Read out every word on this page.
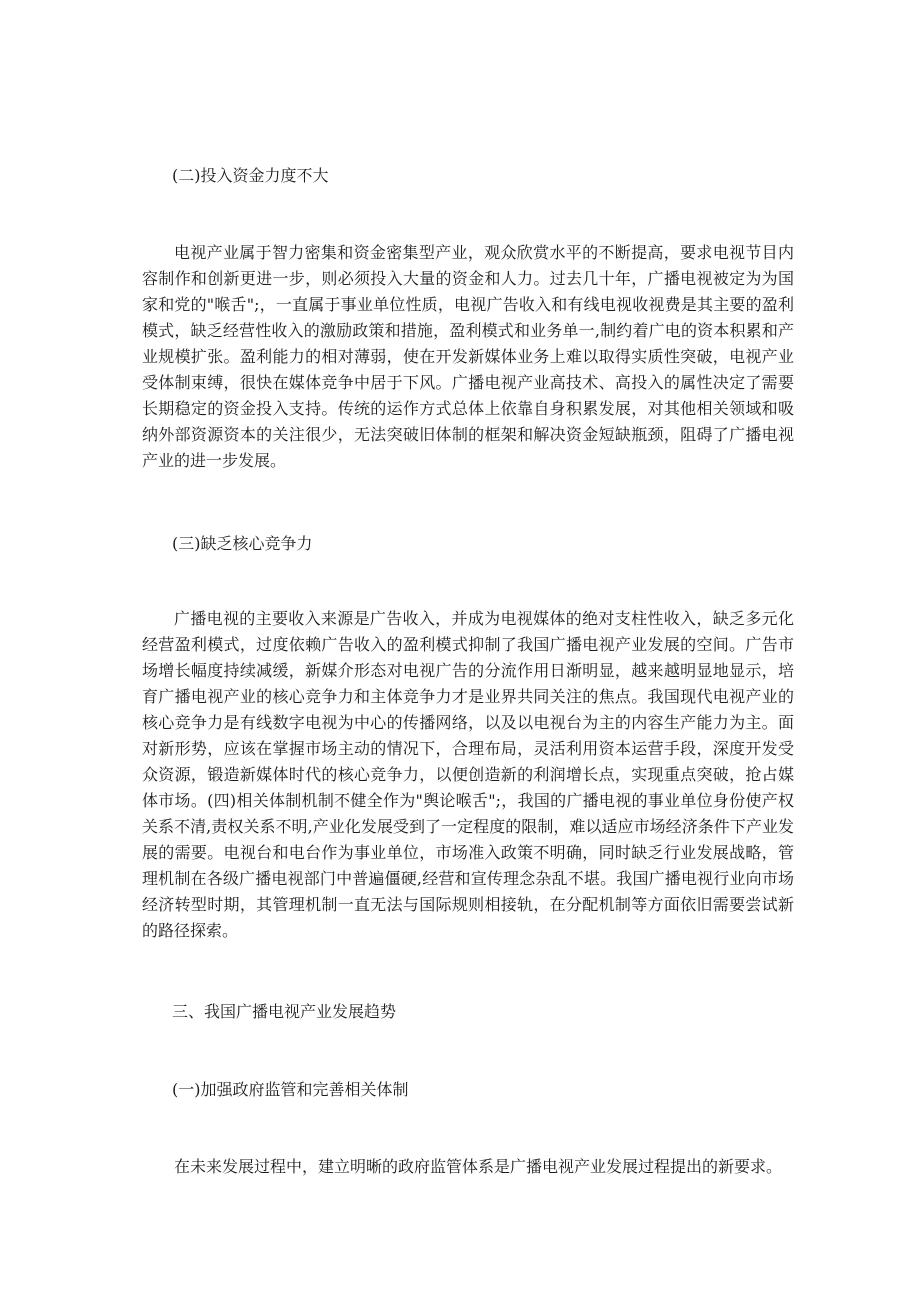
(二)投入资金力度不大

电视产业属于智力密集和资金密集型产业，观众欣赏水平的不断提高，要求电视节目内容制作和创新更进一步，则必须投入大量的资金和人力。过去几十年，广播电视被定为为国家和党的"喉舌";，一直属于事业单位性质，电视广告收入和有线电视收视费是其主要的盈利模式，缺乏经营性收入的激励政策和措施，盈利模式和业务单一,制约着广电的资本积累和产业规模扩张。盈利能力的相对薄弱，使在开发新媒体业务上难以取得实质性突破，电视产业受体制束缚，很快在媒体竞争中居于下风。广播电视产业高技术、高投入的属性决定了需要长期稳定的资金投入支持。传统的运作方式总体上依靠自身积累发展，对其他相关领域和吸纳外部资源资本的关注很少，无法突破旧体制的框架和解决资金短缺瓶颈，阻碍了广播电视产业的进一步发展。

(三)缺乏核心竞争力

广播电视的主要收入来源是广告收入，并成为电视媒体的绝对支柱性收入，缺乏多元化经营盈利模式，过度依赖广告收入的盈利模式抑制了我国广播电视产业发展的空间。广告市场增长幅度持续减缓，新媒介形态对电视广告的分流作用日渐明显，越来越明显地显示，培育广播电视产业的核心竞争力和主体竞争力才是业界共同关注的焦点。我国现代电视产业的核心竞争力是有线数字电视为中心的传播网络，以及以电视台为主的内容生产能力为主。面对新形势，应该在掌握市场主动的情况下，合理布局，灵活利用资本运营手段，深度开发受众资源，锻造新媒体时代的核心竞争力，以便创造新的利润增长点，实现重点突破，抢占媒体市场。(四)相关体制机制不健全作为"舆论喉舌";，我国的广播电视的事业单位身份使产权关系不清,责权关系不明,产业化发展受到了一定程度的限制，难以适应市场经济条件下产业发展的需要。电视台和电台作为事业单位，市场准入政策不明确，同时缺乏行业发展战略，管理机制在各级广播电视部门中普遍僵硬,经营和宣传理念杂乱不堪。我国广播电视行业向市场经济转型时期，其管理机制一直无法与国际规则相接轨，在分配机制等方面依旧需要尝试新的路径探索。

三、我国广播电视产业发展趋势
(一)加强政府监管和完善相关体制

在未来发展过程中，建立明晰的政府监管体系是广播电视产业发展过程提出的新要求。
